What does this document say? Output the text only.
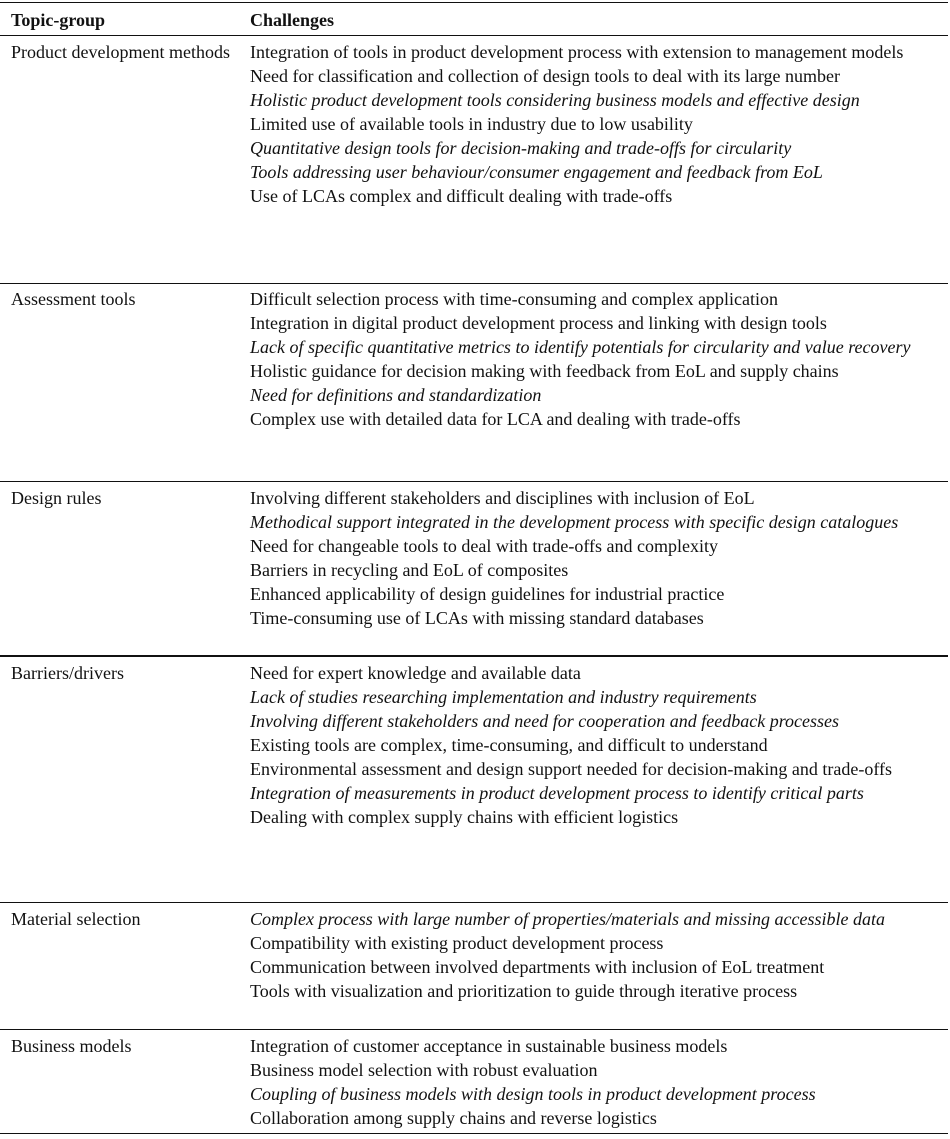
Topic-group	Challenges
Product development methods	Integration of tools in product development process with extension to management models
Need for classification and collection of design tools to deal with its large number
Holistic product development tools considering business models and effective design
Limited use of available tools in industry due to low usability
Quantitative design tools for decision-making and trade-offs for circularity
Tools addressing user behaviour/consumer engagement and feedback from EoL
Use of LCAs complex and difficult dealing with trade-offs
Assessment tools	Difficult selection process with time-consuming and complex application
Integration in digital product development process and linking with design tools
Lack of specific quantitative metrics to identify potentials for circularity and value recovery
Holistic guidance for decision making with feedback from EoL and supply chains
Need for definitions and standardization
Complex use with detailed data for LCA and dealing with trade-offs
Design rules	Involving different stakeholders and disciplines with inclusion of EoL
Methodical support integrated in the development process with specific design catalogues
Need for changeable tools to deal with trade-offs and complexity
Barriers in recycling and EoL of composites
Enhanced applicability of design guidelines for industrial practice
Time-consuming use of LCAs with missing standard databases
Barriers/drivers	Need for expert knowledge and available data
Lack of studies researching implementation and industry requirements
Involving different stakeholders and need for cooperation and feedback processes
Existing tools are complex, time-consuming, and difficult to understand
Environmental assessment and design support needed for decision-making and trade-offs
Integration of measurements in product development process to identify critical parts
Dealing with complex supply chains with efficient logistics
Material selection	Complex process with large number of properties/materials and missing accessible data
Compatibility with existing product development process
Communication between involved departments with inclusion of EoL treatment
Tools with visualization and prioritization to guide through iterative process
Business models	Integration of customer acceptance in sustainable business models
Business model selection with robust evaluation
Coupling of business models with design tools in product development process
Collaboration among supply chains and reverse logistics
